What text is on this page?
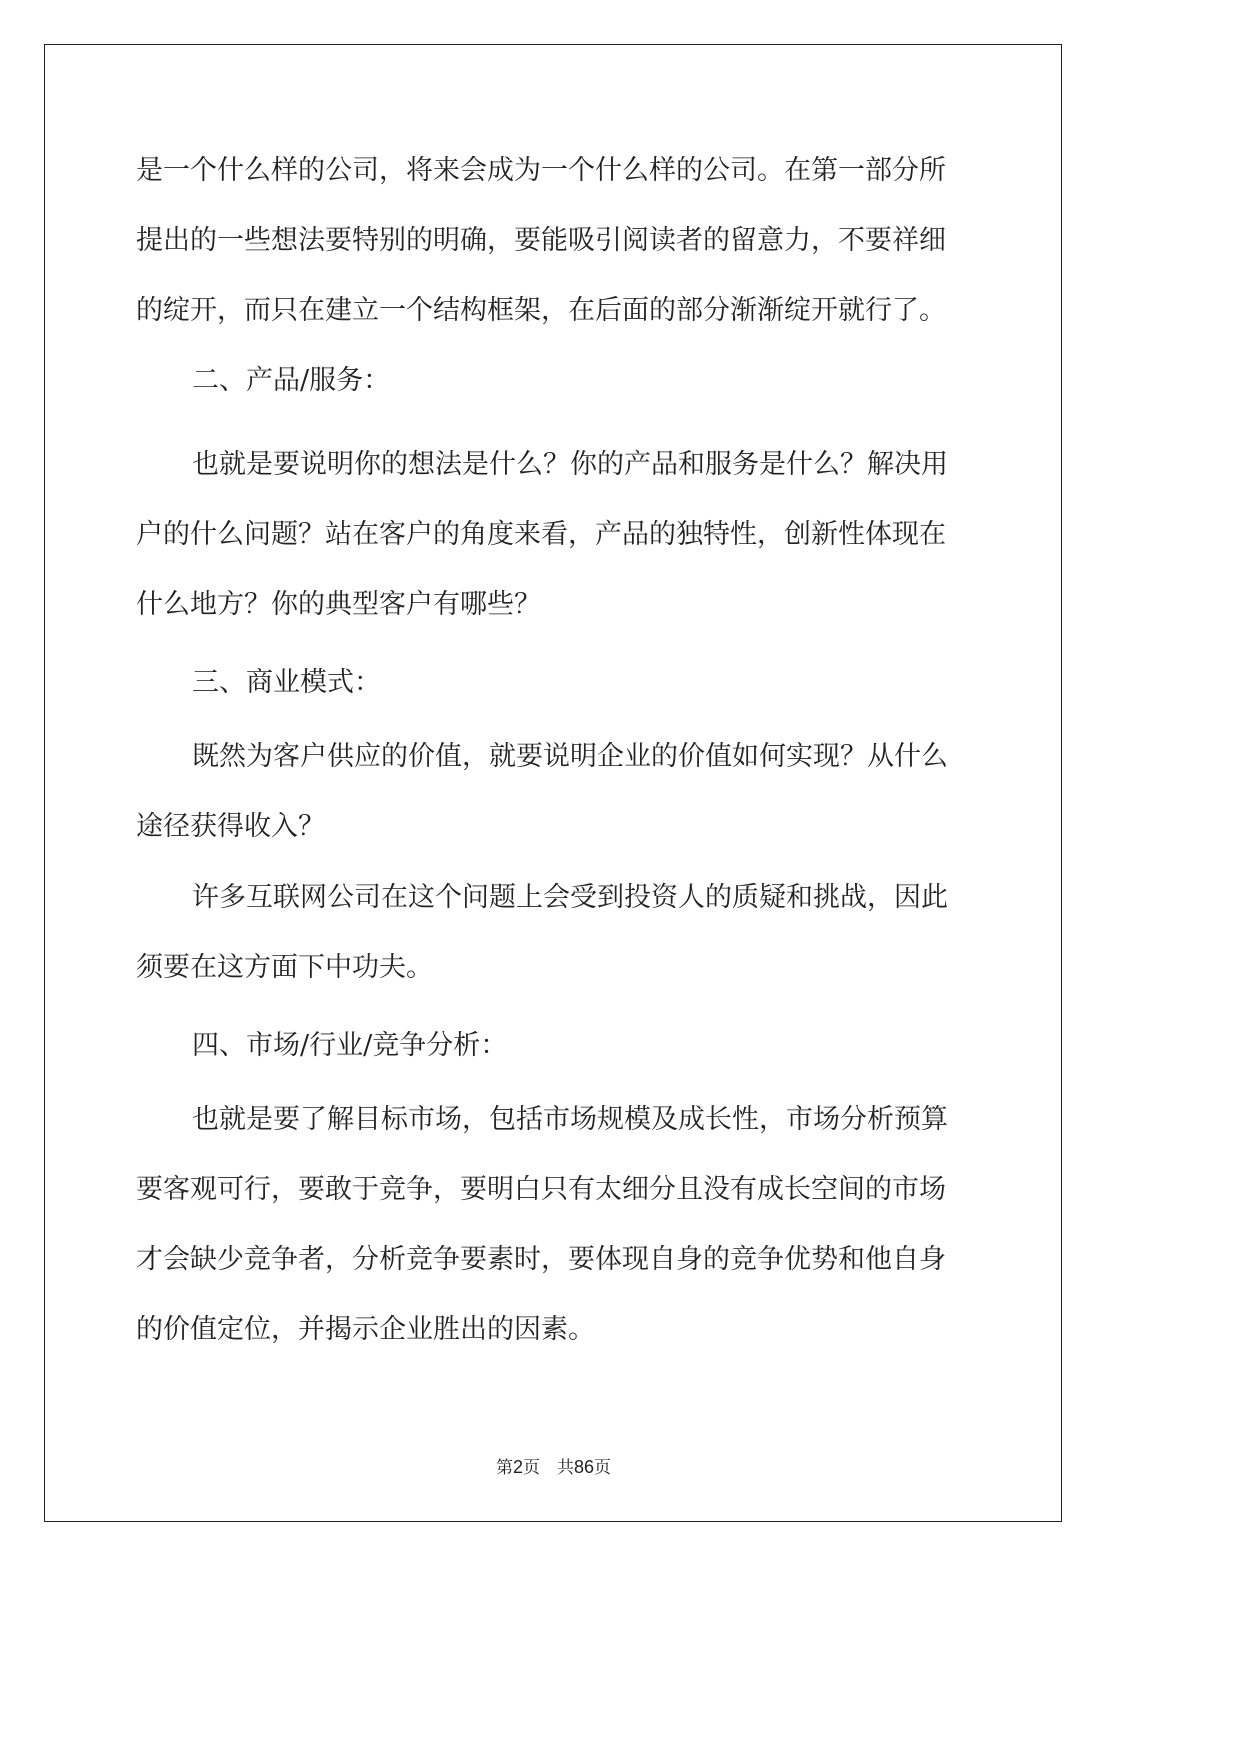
是一个什么样的公司，将来会成为一个什么样的公司。在第一部分所
提出的一些想法要特别的明确，要能吸引阅读者的留意力，不要祥细
的绽开，而只在建立一个结构框架，在后面的部分渐渐绽开就行了。
二、产品/服务：
也就是要说明你的想法是什么？你的产品和服务是什么？解决用
户的什么问题？站在客户的角度来看，产品的独特性，创新性体现在
什么地方？你的典型客户有哪些？
三、商业模式：
既然为客户供应的价值，就要说明企业的价值如何实现？从什么
途径获得收入？
许多互联网公司在这个问题上会受到投资人的质疑和挑战，因此
须要在这方面下中功夫。
四、市场/行业/竞争分析：
也就是要了解目标市场，包括市场规模及成长性，市场分析预算
要客观可行，要敢于竞争，要明白只有太细分且没有成长空间的市场
才会缺少竞争者，分析竞争要素时，要体现自身的竞争优势和他自身
的价值定位，并揭示企业胜出的因素。
第2页 共86页
